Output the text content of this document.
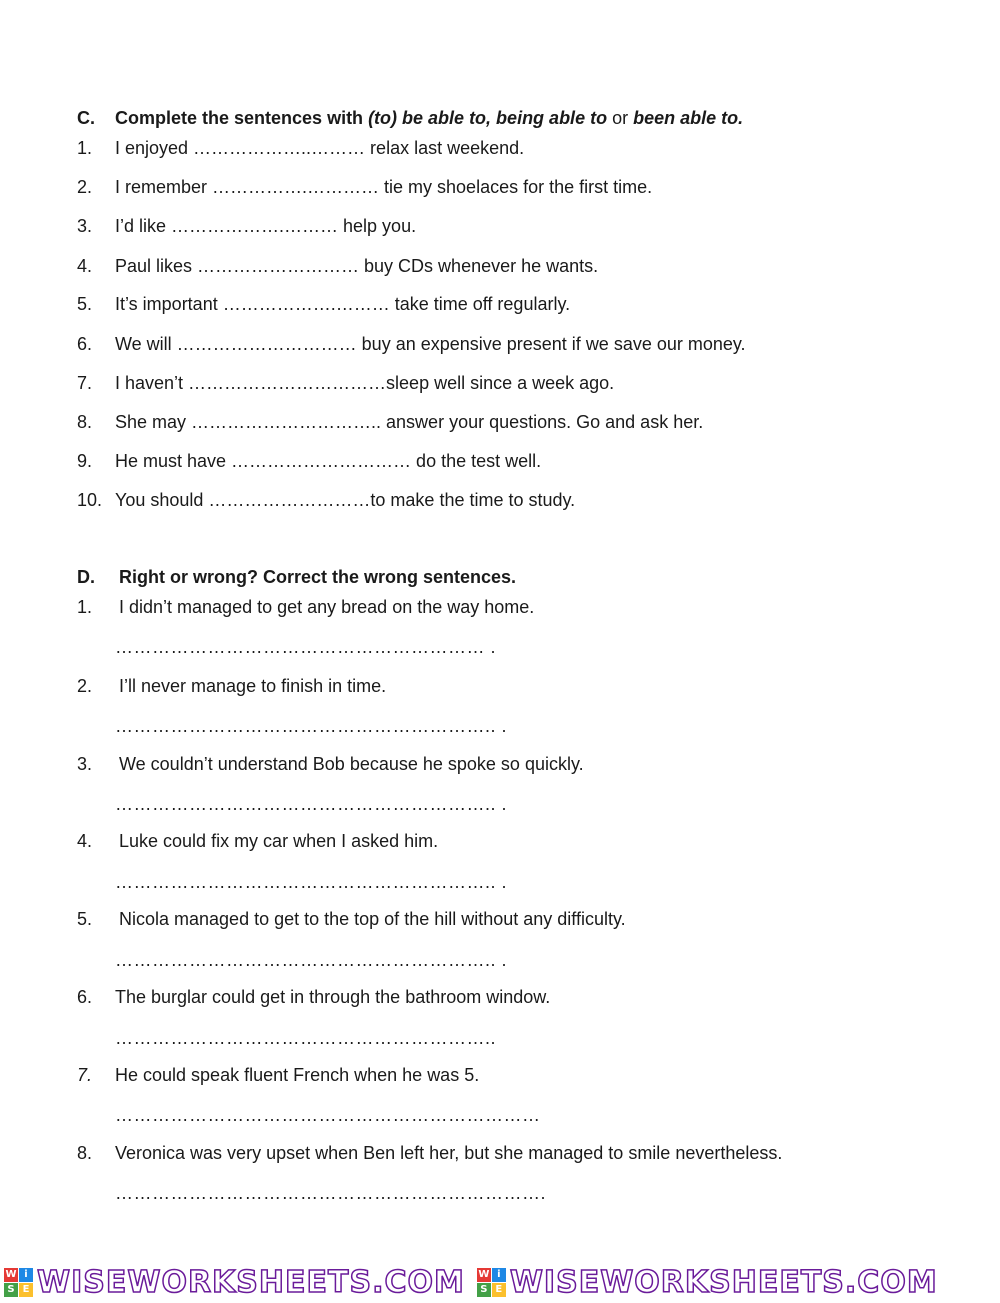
C. Complete the sentences with (to) be able to, being able to or been able to.
1. I enjoyed ………………..……… relax last weekend.
2. I remember …………….………… tie my shoelaces for the first time.
3. I’d like ……………….……… help you.
4. Paul likes ……………………… buy CDs whenever he wants.
5. It’s important ……………….……… take time off regularly.
6. We will ………………………… buy an expensive present if we save our money.
7. I haven’t ……………………………sleep well since a week ago.
8. She may ………………………….. answer your questions. Go and ask her.
9. He must have ………………………… do the test well.
10. You should ………………………to make the time to study.
D. Right or wrong? Correct the wrong sentences.
1. I didn’t managed to get any bread on the way home.
…………………………………………………… .
2. I’ll never manage to finish in time.
…………………………………………………….. .
3. We couldn’t understand Bob because he spoke so quickly.
…………………………………………………….. .
4. Luke could fix my car when I asked him.
…………………………………………………….. .
5. Nicola managed to get to the top of the hill without any difficulty.
…………………………………………………….. .
6. The burglar could get in through the bathroom window.
……………………………………………………..
7. He could speak fluent French when he was 5.
……………………………………………………………
8. Veronica was very upset when Ben left her, but she managed to smile nevertheless.
…………………………………………………………….
W i
S E WISEWORKSHEETS.COM W i
S E WISEWORKSHEETS.COM
